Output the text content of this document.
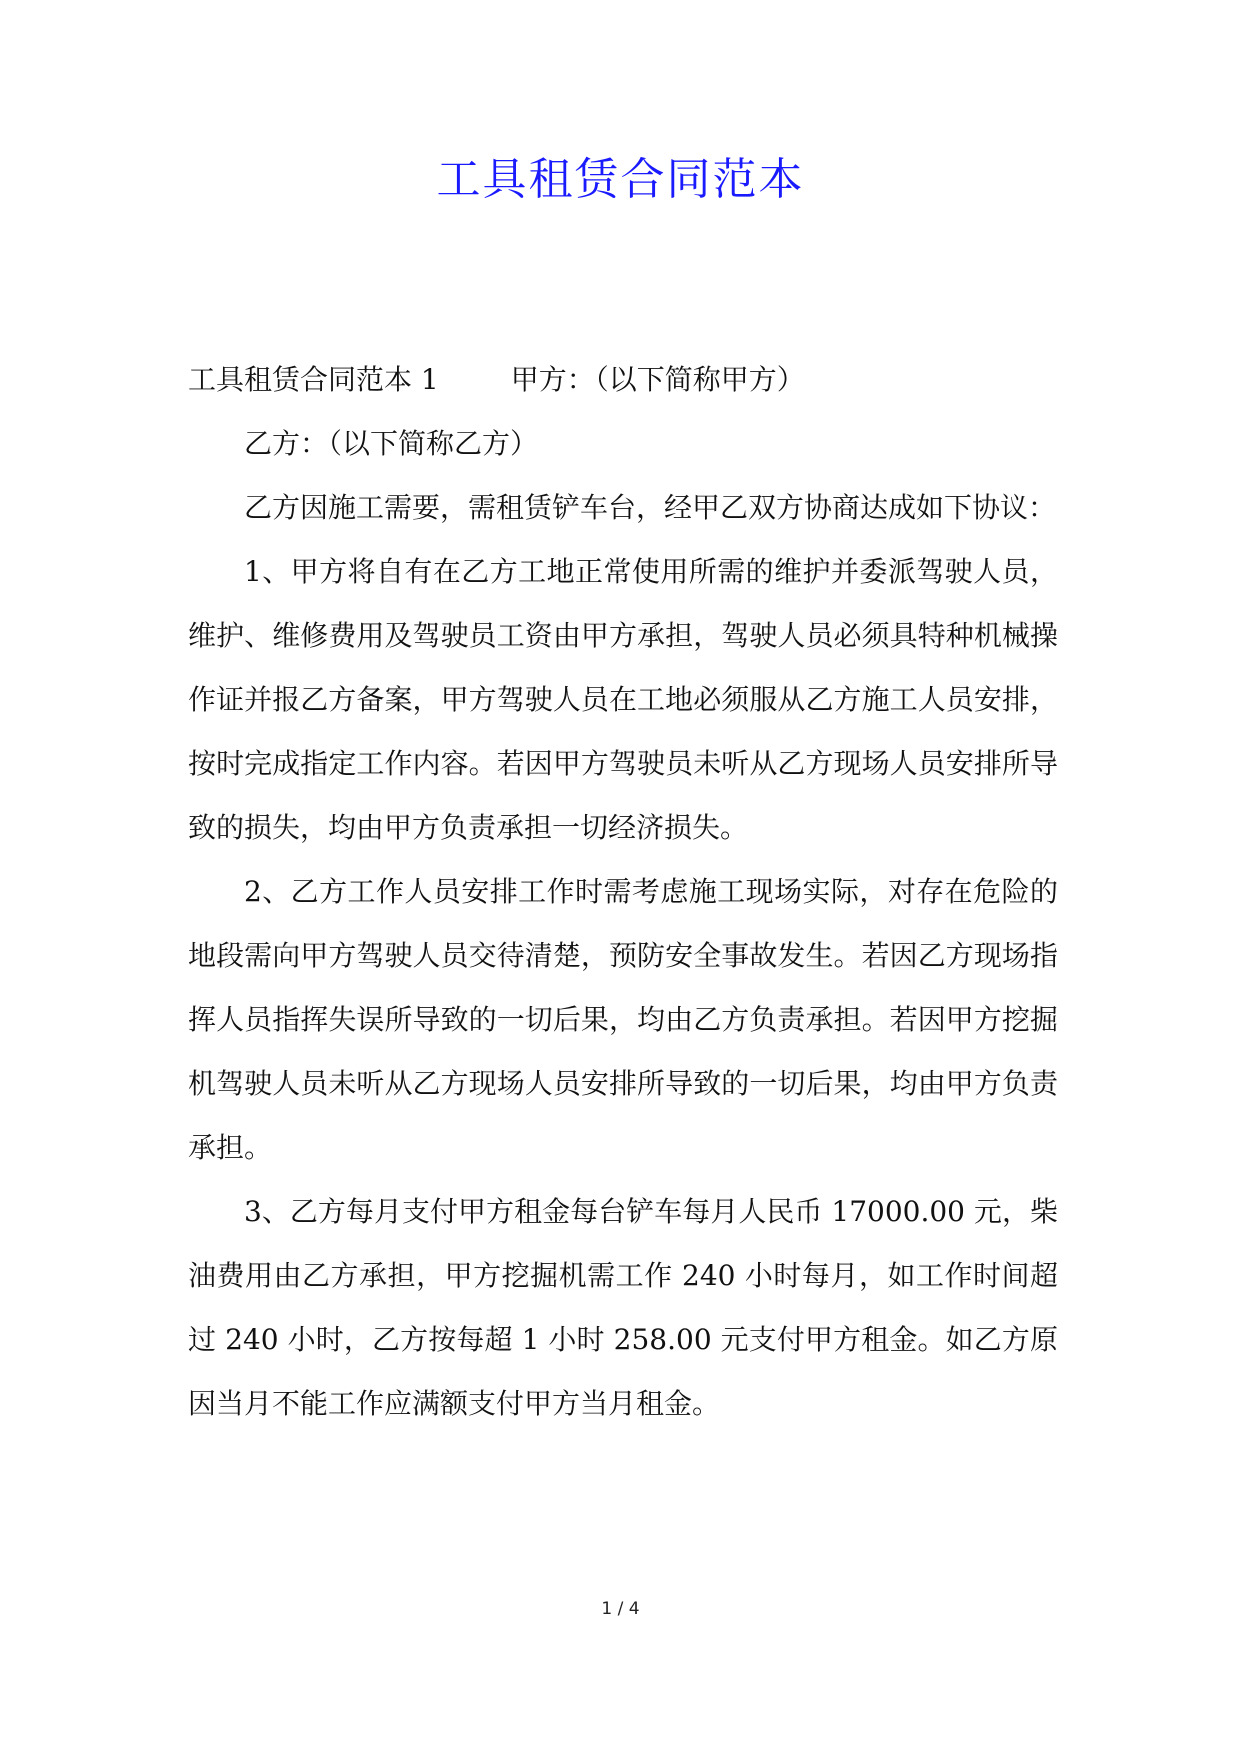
工具租赁合同范本

工具租赁合同范本 1	甲方：（以下简称甲方）

乙方：（以下简称乙方）

乙方因施工需要，需租赁铲车台，经甲乙双方协商达成如下协议：

1、甲方将自有在乙方工地正常使用所需的维护并委派驾驶人员，维护、维修费用及驾驶员工资由甲方承担，驾驶人员必须具特种机械操作证并报乙方备案，甲方驾驶人员在工地必须服从乙方施工人员安排，按时完成指定工作内容。若因甲方驾驶员未听从乙方现场人员安排所导致的损失，均由甲方负责承担一切经济损失。

2、乙方工作人员安排工作时需考虑施工现场实际，对存在危险的地段需向甲方驾驶人员交待清楚，预防安全事故发生。若因乙方现场指挥人员指挥失误所导致的一切后果，均由乙方负责承担。若因甲方挖掘机驾驶人员未听从乙方现场人员安排所导致的一切后果，均由甲方负责承担。

3、乙方每月支付甲方租金每台铲车每月人民币 17000.00 元，柴油费用由乙方承担，甲方挖掘机需工作 240 小时每月，如工作时间超过 240 小时，乙方按每超 1 小时 258.00 元支付甲方租金。如乙方原因当月不能工作应满额支付甲方当月租金。

1 / 4
